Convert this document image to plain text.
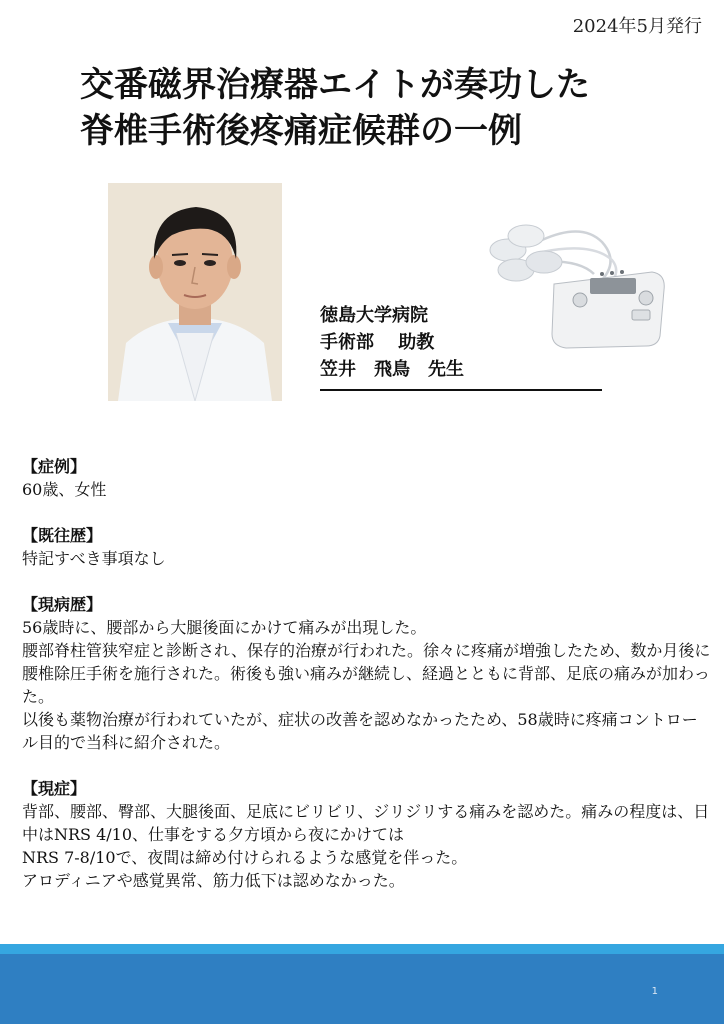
2024年5月発行
交番磁界治療器エイトが奏功した
脊椎手術後疼痛症候群の一例
徳島大学病院
手術部　 助教
笠井　飛鳥　先生
【症例】

60歳、女性

【既往歴】

特記すべき事項なし

【現病歴】

56歳時に、腰部から大腿後面にかけて痛みが出現した。

腰部脊柱管狭窄症と診断され、保存的治療が行われた。徐々に疼痛が増強したため、数か月後に腰椎除圧手術を施行された。術後も強い痛みが継続し、経過とともに背部、足底の痛みが加わった。

以後も薬物治療が行われていたが、症状の改善を認めなかったため、58歳時に疼痛コントロール目的で当科に紹介された。

【現症】

背部、腰部、臀部、大腿後面、足底にビリビリ、ジリジリする痛みを認めた。痛みの程度は、日中はNRS 4/10、仕事をする夕方頃から夜にかけては

NRS 7-8/10で、夜間は締め付けられるような感覚を伴った。

アロディニアや感覚異常、筋力低下は認めなかった。

1
